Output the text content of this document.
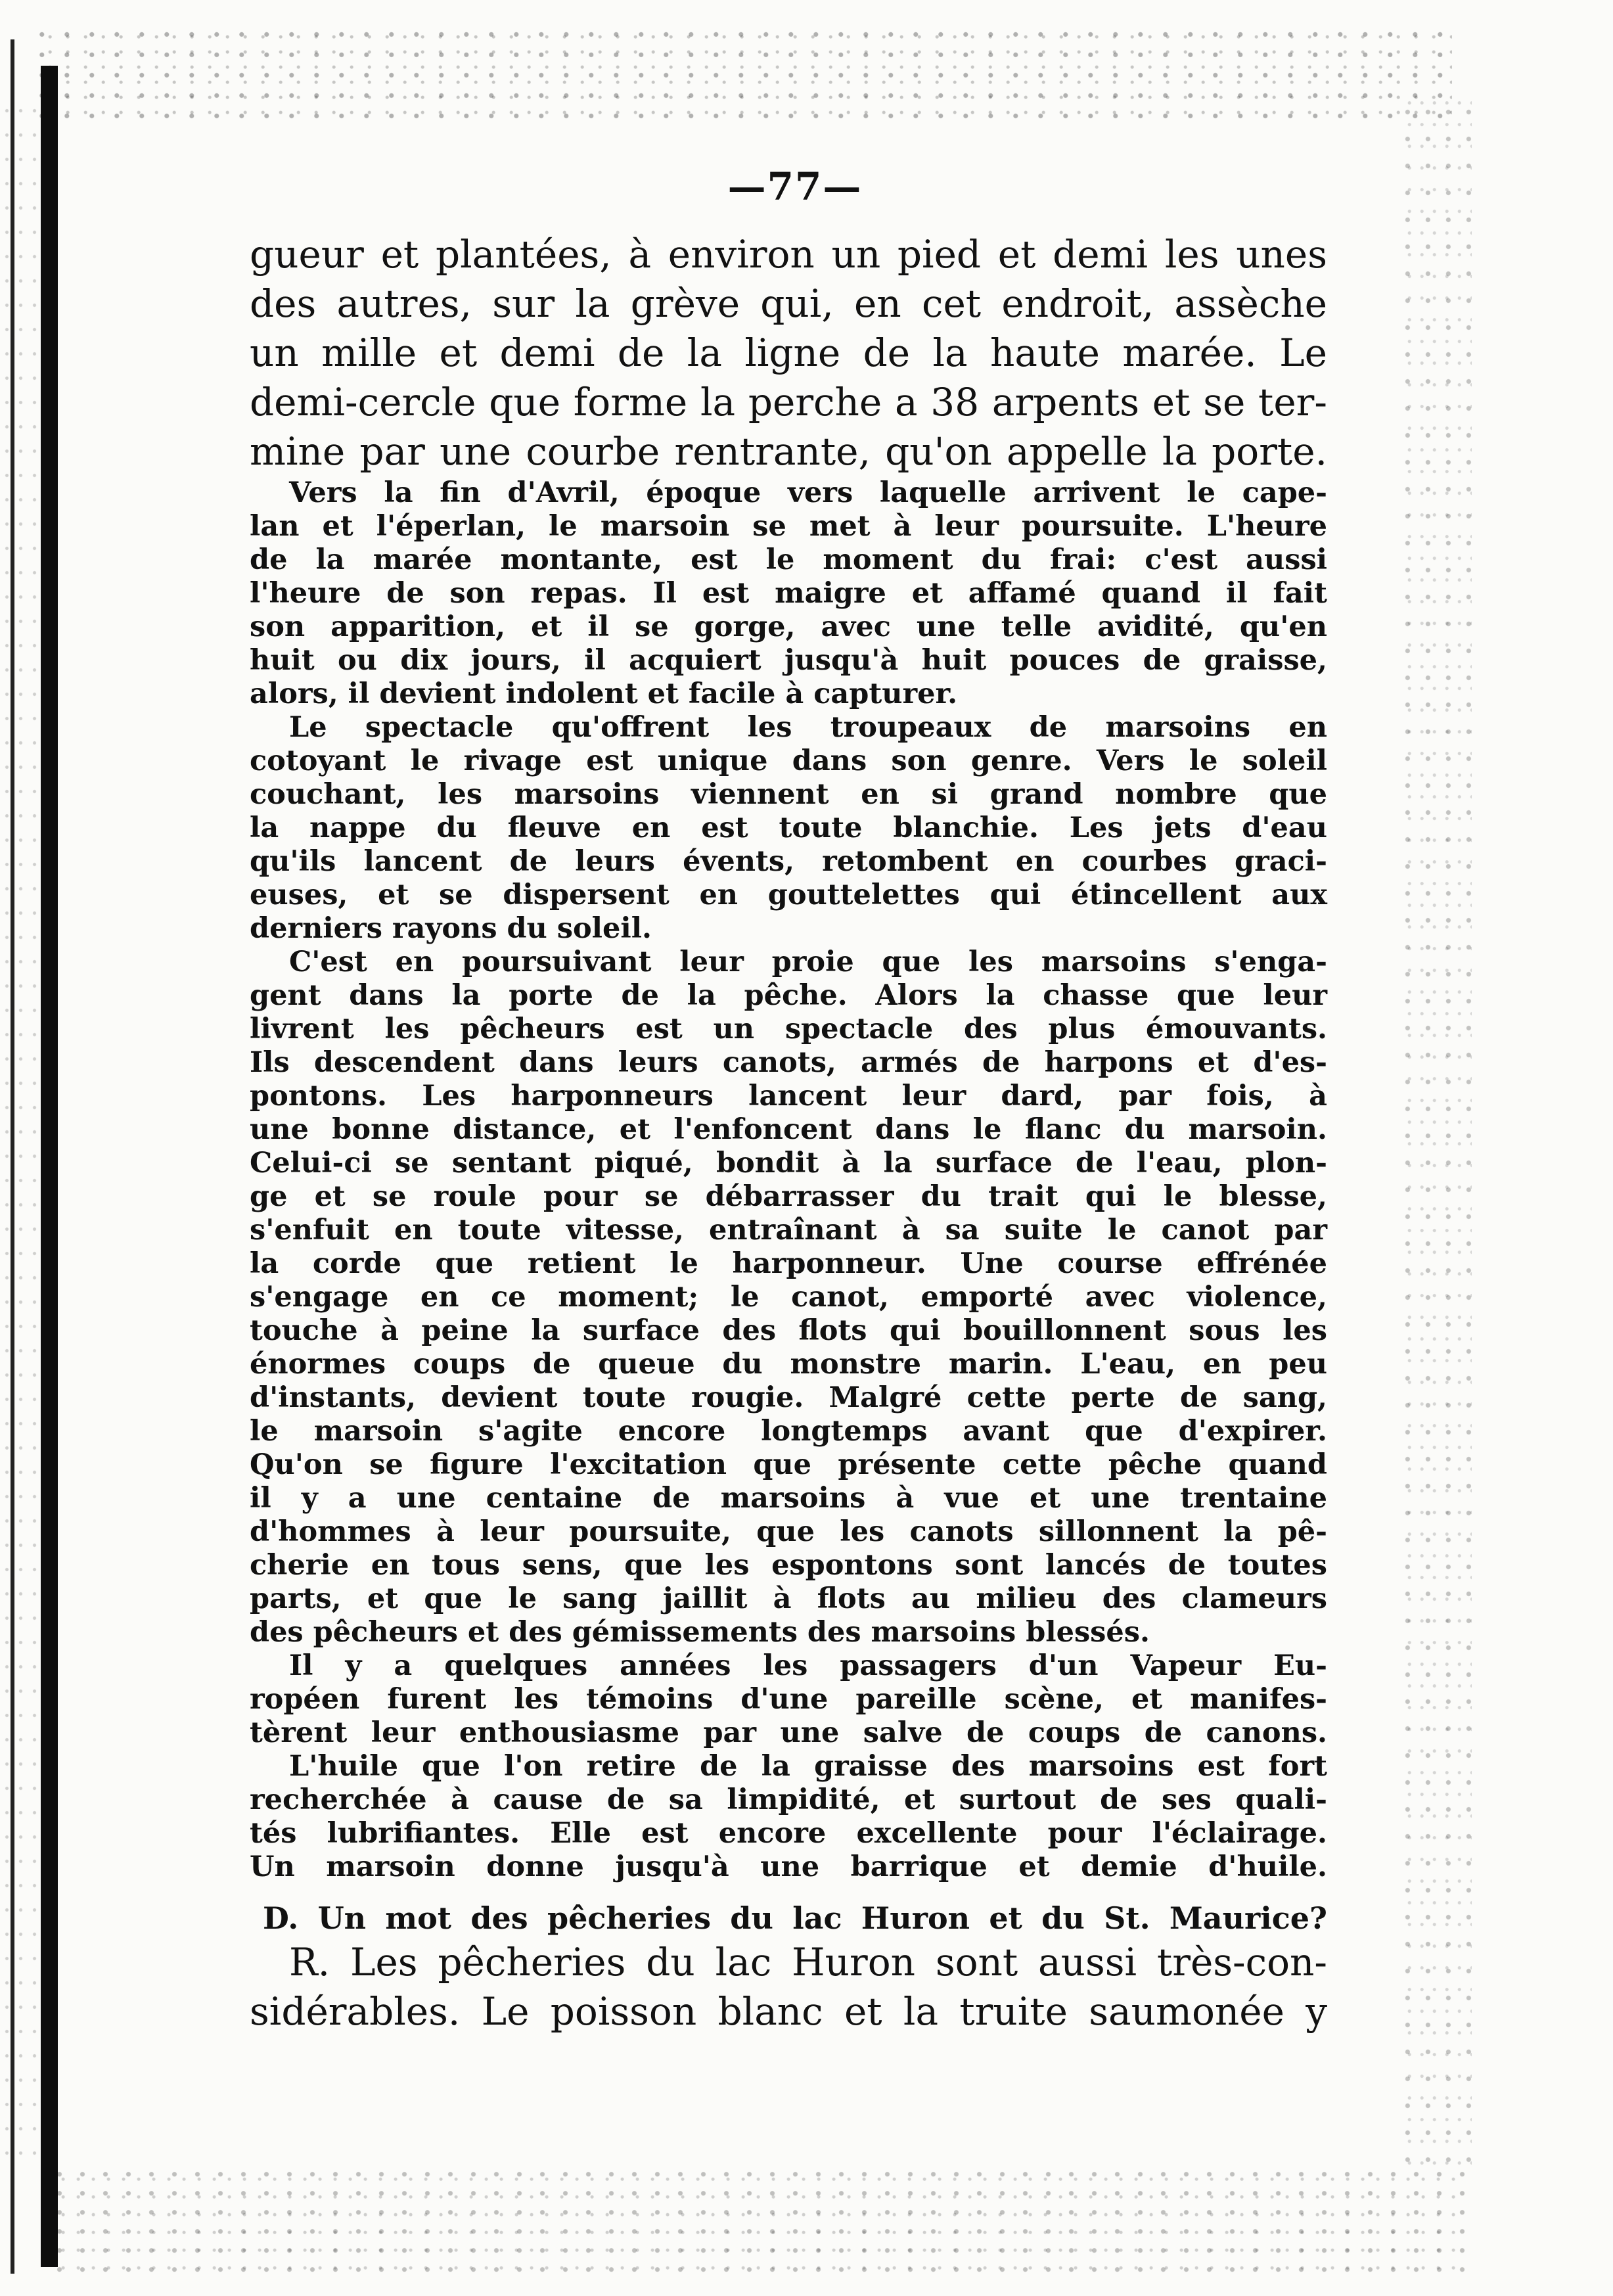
—77—
gueur et plantées, à environ un pied et demi les unes
des autres, sur la grève qui, en cet endroit, assèche
un mille et demi de la ligne de la haute marée. Le
demi-cercle que forme la perche a 38 arpents et se ter-
mine par une courbe rentrante, qu'on appelle la porte.
Vers la fin d'Avril, époque vers laquelle arrivent le cape-
lan et l'éperlan, le marsoin se met à leur poursuite. L'heure
de la marée montante, est le moment du frai: c'est aussi
l'heure de son repas. Il est maigre et affamé quand il fait
son apparition, et il se gorge, avec une telle avidité, qu'en
huit ou dix jours, il acquiert jusqu'à huit pouces de graisse,
alors, il devient indolent et facile à capturer.
Le spectacle qu'offrent les troupeaux de marsoins en
cotoyant le rivage est unique dans son genre. Vers le soleil
couchant, les marsoins viennent en si grand nombre que
la nappe du fleuve en est toute blanchie. Les jets d'eau
qu'ils lancent de leurs évents, retombent en courbes graci-
euses, et se dispersent en gouttelettes qui étincellent aux
derniers rayons du soleil.
C'est en poursuivant leur proie que les marsoins s'enga-
gent dans la porte de la pêche. Alors la chasse que leur
livrent les pêcheurs est un spectacle des plus émouvants.
Ils descendent dans leurs canots, armés de harpons et d'es-
pontons. Les harponneurs lancent leur dard, par fois, à
une bonne distance, et l'enfoncent dans le flanc du marsoin.
Celui-ci se sentant piqué, bondit à la surface de l'eau, plon-
ge et se roule pour se débarrasser du trait qui le blesse,
s'enfuit en toute vitesse, entraînant à sa suite le canot par
la corde que retient le harponneur. Une course effrénée
s'engage en ce moment; le canot, emporté avec violence,
touche à peine la surface des flots qui bouillonnent sous les
énormes coups de queue du monstre marin. L'eau, en peu
d'instants, devient toute rougie. Malgré cette perte de sang,
le marsoin s'agite encore longtemps avant que d'expirer.
Qu'on se figure l'excitation que présente cette pêche quand
il y a une centaine de marsoins à vue et une trentaine
d'hommes à leur poursuite, que les canots sillonnent la pê-
cherie en tous sens, que les espontons sont lancés de toutes
parts, et que le sang jaillit à flots au milieu des clameurs
des pêcheurs et des gémissements des marsoins blessés.
Il y a quelques années les passagers d'un Vapeur Eu-
ropéen furent les témoins d'une pareille scène, et manifes-
tèrent leur enthousiasme par une salve de coups de canons.
L'huile que l'on retire de la graisse des marsoins est fort
recherchée à cause de sa limpidité, et surtout de ses quali-
tés lubrifiantes. Elle est encore excellente pour l'éclairage.
Un marsoin donne jusqu'à une barrique et demie d'huile.
D. Un mot des pêcheries du lac Huron et du St. Maurice?
R. Les pêcheries du lac Huron sont aussi très-con-
sidérables. Le poisson blanc et la truite saumonée y
